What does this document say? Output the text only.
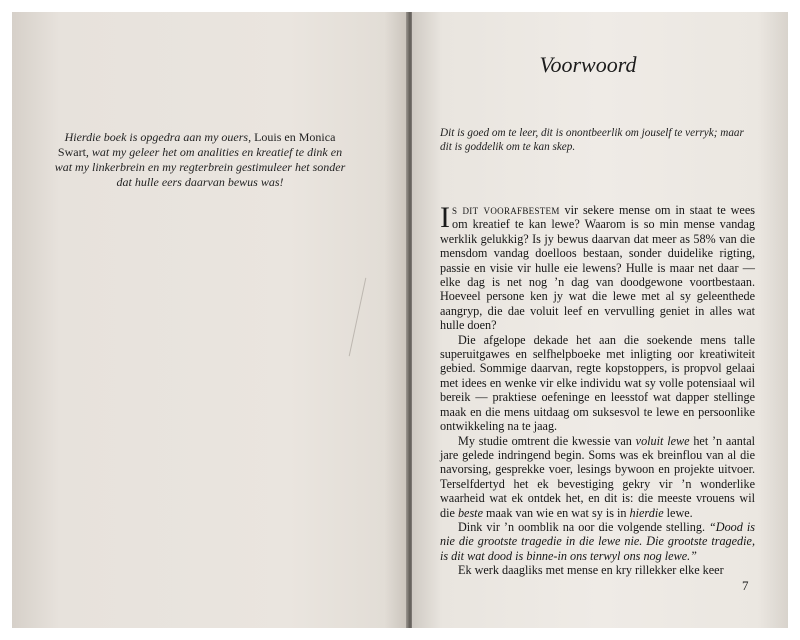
Hierdie boek is opgedra aan my ouers, Louis en Monica Swart, wat my geleer het om analities en kreatief te dink en wat my linkerbrein en my regterbrein gestimuleer het sonder dat hulle eers daarvan bewus was!
Voorwoord
Dit is goed om te leer, dit is onontbeerlik om jouself te verryk; maar dit is goddelik om te kan skep.

Is dit voorafbestem vir sekere mense om in staat te wees om kreatief te kan lewe? Waarom is so min mense vandag werklik gelukkig? Is jy bewus daarvan dat meer as 58% van die mensdom vandag doelloos bestaan, sonder duidelike rigting, passie en visie vir hulle eie lewens? Hulle is maar net daar — elke dag is net nog ’n dag van doodgewone voortbestaan. Hoeveel persone ken jy wat die lewe met al sy geleenthede aangryp, die dae voluit leef en vervulling geniet in alles wat hulle doen?

Die afgelope dekade het aan die soekende mens talle superuitgawes en selfhelpboeke met inligting oor kreatiwiteit gebied. Sommige daarvan, regte kopstoppers, is propvol gelaai met idees en wenke vir elke individu wat sy volle potensiaal wil bereik — praktiese oefeninge en leesstof wat dapper stellinge maak en die mens uitdaag om suksesvol te lewe en persoonlike ontwikkeling na te jaag.

My studie omtrent die kwessie van voluit lewe het ’n aantal jare gelede indringend begin. Soms was ek breinflou van al die navorsing, gesprekke voer, lesings bywoon en projekte uitvoer. Terselfdertyd het ek bevestiging gekry vir ’n wonderlike waarheid wat ek ontdek het, en dit is: die meeste vrouens wil die beste maak van wie en wat sy is in hierdie lewe.

Dink vir ’n oomblik na oor die volgende stelling. “Dood is nie die grootste tragedie in die lewe nie. Die grootste tragedie, is dit wat dood is binne-in ons terwyl ons nog lewe.”

Ek werk daagliks met mense en kry rillekker elke keer

7
